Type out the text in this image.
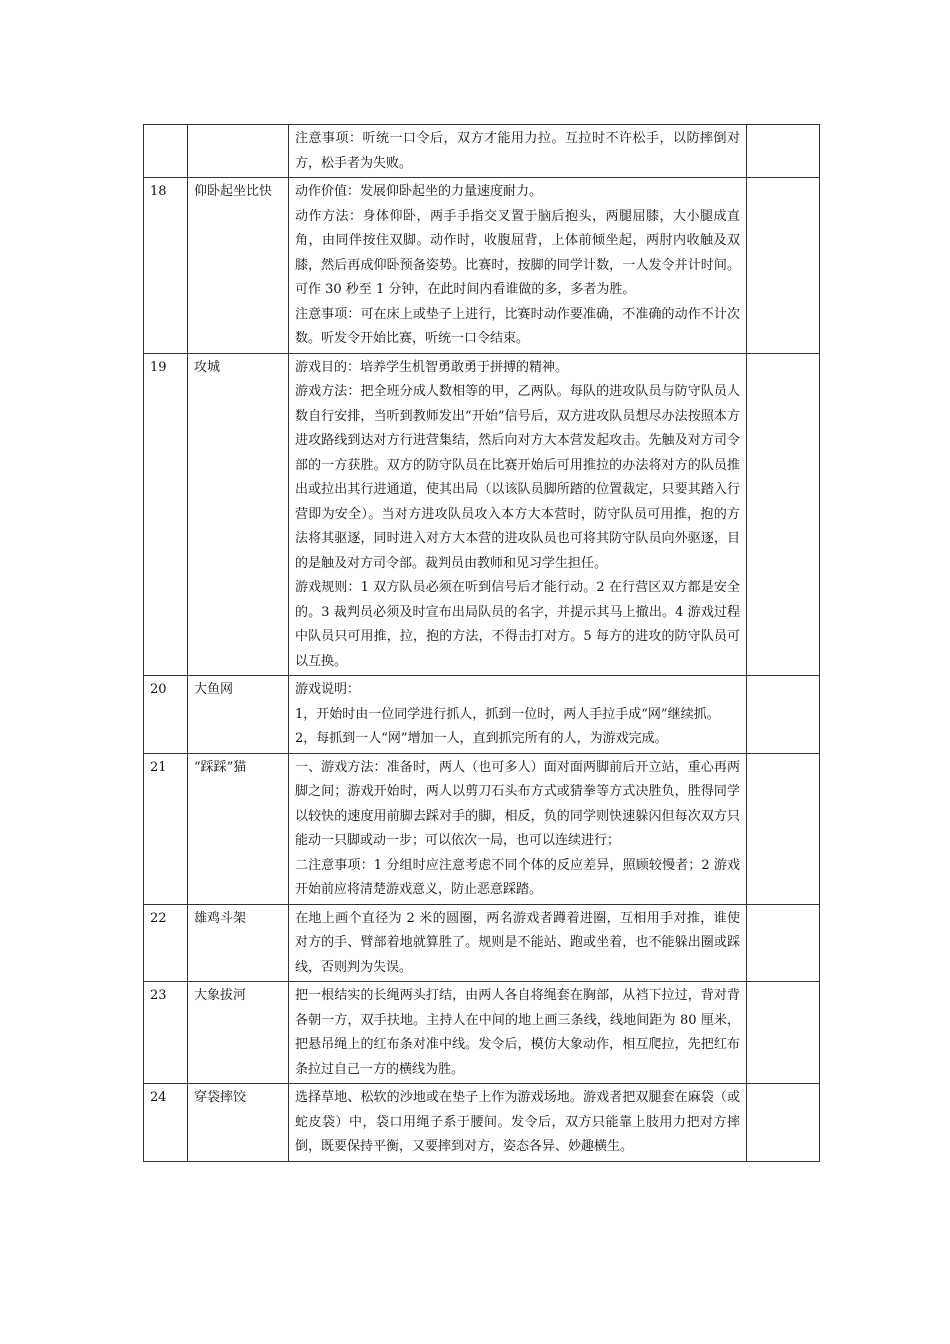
		注意事项：听统一口令后，双方才能用力拉。互拉时不许松手，以防摔倒对方，松手者为失败。	

18	仰卧起坐比快	动作价值：发展仰卧起坐的力量速度耐力。
动作方法：身体仰卧，两手手指交叉置于脑后抱头，两腿屈膝，大小腿成直角，由同伴按住双脚。动作时，收腹屈背，上体前倾坐起，两肘内收触及双膝，然后再成仰卧预备姿势。比赛时，按脚的同学计数，一人发令并计时间。可作 30 秒至 1 分钟，在此时间内看谁做的多，多者为胜。
注意事项：可在床上或垫子上进行，比赛时动作要准确，不准确的动作不计次数。听发令开始比赛，听统一口令结束。	

19	攻城	游戏目的：培养学生机智勇敢勇于拼搏的精神。
游戏方法：把全班分成人数相等的甲，乙两队。每队的进攻队员与防守队员人数自行安排，当听到教师发出“开始”信号后，双方进攻队员想尽办法按照本方进攻路线到达对方行进营集结，然后向对方大本营发起攻击。先触及对方司令部的一方获胜。双方的防守队员在比赛开始后可用推拉的办法将对方的队员推出或拉出其行进通道，使其出局（以该队员脚所踏的位置裁定，只要其踏入行营即为安全）。当对方进攻队员攻入本方大本营时，防守队员可用推，抱的方法将其驱逐，同时进入对方大本营的进攻队员也可将其防守队员向外驱逐，目的是触及对方司令部。裁判员由教师和见习学生担任。
游戏规则：1 双方队员必须在听到信号后才能行动。2 在行营区双方都是安全的。3 裁判员必须及时宣布出局队员的名字，并提示其马上撤出。4 游戏过程中队员只可用推，拉，抱的方法，不得击打对方。5 每方的进攻的防守队员可以互换。	

20	大鱼网	游戏说明：
1，开始时由一位同学进行抓人，抓到一位时，两人手拉手成“网”继续抓。
2，每抓到一人“网”增加一人，直到抓完所有的人，为游戏完成。	

21	“踩踩”猫	一、游戏方法：准备时，两人（也可多人）面对面两脚前后开立站，重心再两脚之间；游戏开始时，两人以剪刀石头布方式或猜拳等方式决胜负，胜得同学以较快的速度用前脚去踩对手的脚，相反，负的同学则快速躲闪但每次双方只能动一只脚或动一步；可以依次一局，也可以连续进行；
二注意事项：1 分组时应注意考虑不同个体的反应差异，照顾较慢者；2 游戏开始前应将清楚游戏意义，防止恶意踩踏。	

22	雄鸡斗架	在地上画个直径为 2 米的圆圈，两名游戏者蹲着进圈，互相用手对推，谁使对方的手、臂部着地就算胜了。规则是不能站、跑或坐着，也不能躲出圈或踩线，否则判为失误。	

23	大象拔河	把一根结实的长绳两头打结，由两人各自将绳套在胸部，从裆下拉过，背对背各朝一方，双手扶地。主持人在中间的地上画三条线，线地间距为 80 厘米，把悬吊绳上的红布条对准中线。发令后，模仿大象动作，相互爬拉，先把红布条拉过自己一方的横线为胜。	

24	穿袋摔饺	选择草地、松软的沙地或在垫子上作为游戏场地。游戏者把双腿套在麻袋（或蛇皮袋）中，袋口用绳子系于腰间。发令后，双方只能靠上肢用力把对方摔倒，既要保持平衡，又要摔到对方，姿态各异、妙趣横生。	
